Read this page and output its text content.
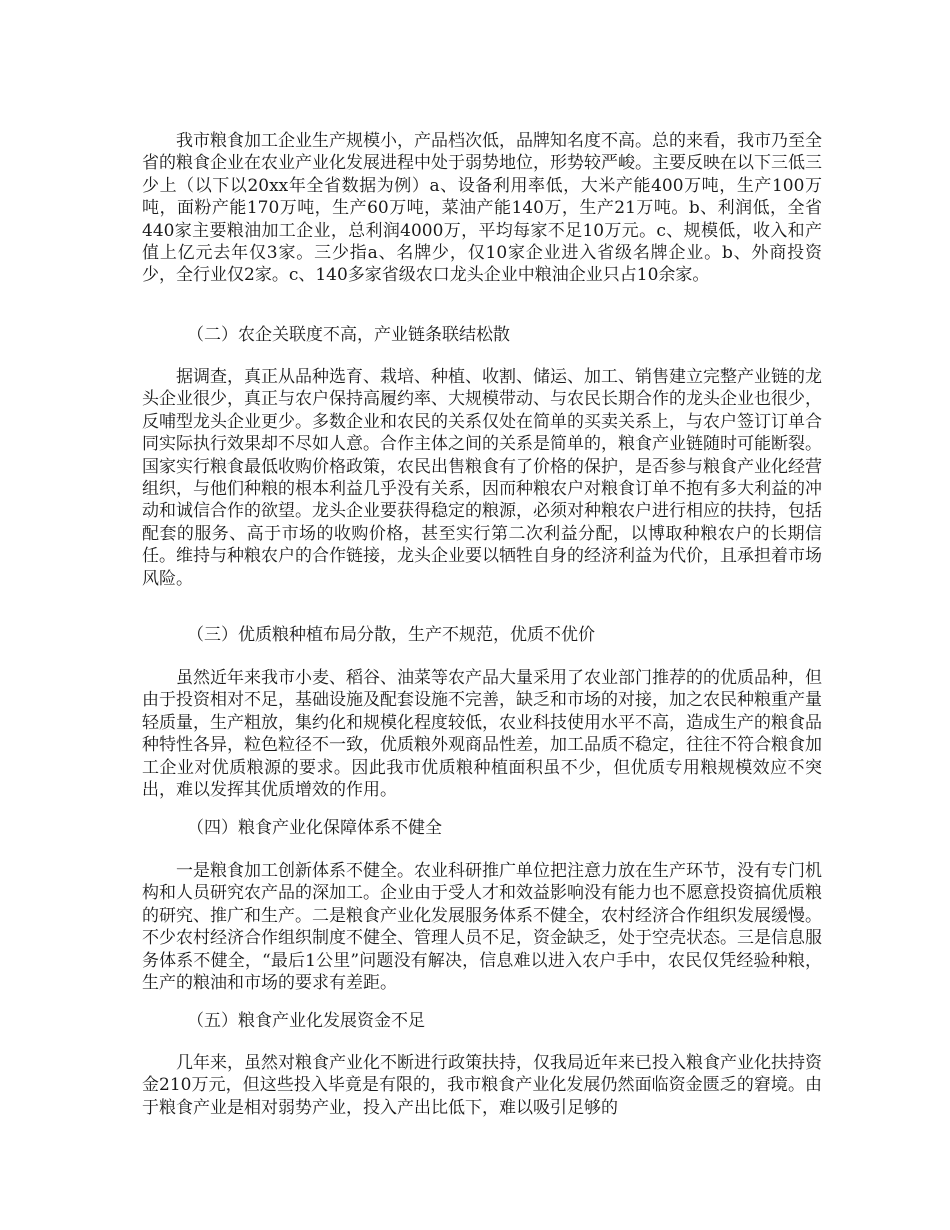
我市粮食加工企业生产规模小，产品档次低，品牌知名度不高。总的来看，我市乃至全省的粮食企业在农业产业化发展进程中处于弱势地位，形势较严峻。主要反映在以下三低三少上（以下以20xx年全省数据为例）a、设备利用率低，大米产能400万吨，生产100万吨，面粉产能170万吨，生产60万吨，菜油产能140万，生产21万吨。b、利润低，全省440家主要粮油加工企业，总利润4000万，平均每家不足10万元。c、规模低，收入和产值上亿元去年仅3家。三少指a、名牌少，仅10家企业进入省级名牌企业。b、外商投资少，全行业仅2家。c、140多家省级农口龙头企业中粮油企业只占10余家。

（二）农企关联度不高，产业链条联结松散

据调查，真正从品种选育、栽培、种植、收割、储运、加工、销售建立完整产业链的龙头企业很少，真正与农户保持高履约率、大规模带动、与农民长期合作的龙头企业也很少，反哺型龙头企业更少。多数企业和农民的关系仅处在简单的买卖关系上，与农户签订订单合同实际执行效果却不尽如人意。合作主体之间的关系是简单的，粮食产业链随时可能断裂。国家实行粮食最低收购价格政策，农民出售粮食有了价格的保护，是否参与粮食产业化经营组织，与他们种粮的根本利益几乎没有关系，因而种粮农户对粮食订单不抱有多大利益的冲动和诚信合作的欲望。龙头企业要获得稳定的粮源，必须对种粮农户进行相应的扶持，包括配套的服务、高于市场的收购价格，甚至实行第二次利益分配，以博取种粮农户的长期信任。维持与种粮农户的合作链接，龙头企业要以牺牲自身的经济利益为代价，且承担着市场风险。

（三）优质粮种植布局分散，生产不规范，优质不优价

虽然近年来我市小麦、稻谷、油菜等农产品大量采用了农业部门推荐的的优质品种，但由于投资相对不足，基础设施及配套设施不完善，缺乏和市场的对接，加之农民种粮重产量轻质量，生产粗放，集约化和规模化程度较低，农业科技使用水平不高，造成生产的粮食品种特性各异，粒色粒径不一致，优质粮外观商品性差，加工品质不稳定，往往不符合粮食加工企业对优质粮源的要求。因此我市优质粮种植面积虽不少，但优质专用粮规模效应不突出，难以发挥其优质增效的作用。

（四）粮食产业化保障体系不健全

一是粮食加工创新体系不健全。农业科研推广单位把注意力放在生产环节，没有专门机构和人员研究农产品的深加工。企业由于受人才和效益影响没有能力也不愿意投资搞优质粮的研究、推广和生产。二是粮食产业化发展服务体系不健全，农村经济合作组织发展缓慢。不少农村经济合作组织制度不健全、管理人员不足，资金缺乏，处于空壳状态。三是信息服务体系不健全，“最后1公里”问题没有解决，信息难以进入农户手中，农民仅凭经验种粮，生产的粮油和市场的要求有差距。

（五）粮食产业化发展资金不足

几年来，虽然对粮食产业化不断进行政策扶持，仅我局近年来已投入粮食产业化扶持资金210万元，但这些投入毕竟是有限的，我市粮食产业化发展仍然面临资金匮乏的窘境。由于粮食产业是相对弱势产业，投入产出比低下，难以吸引足够的
